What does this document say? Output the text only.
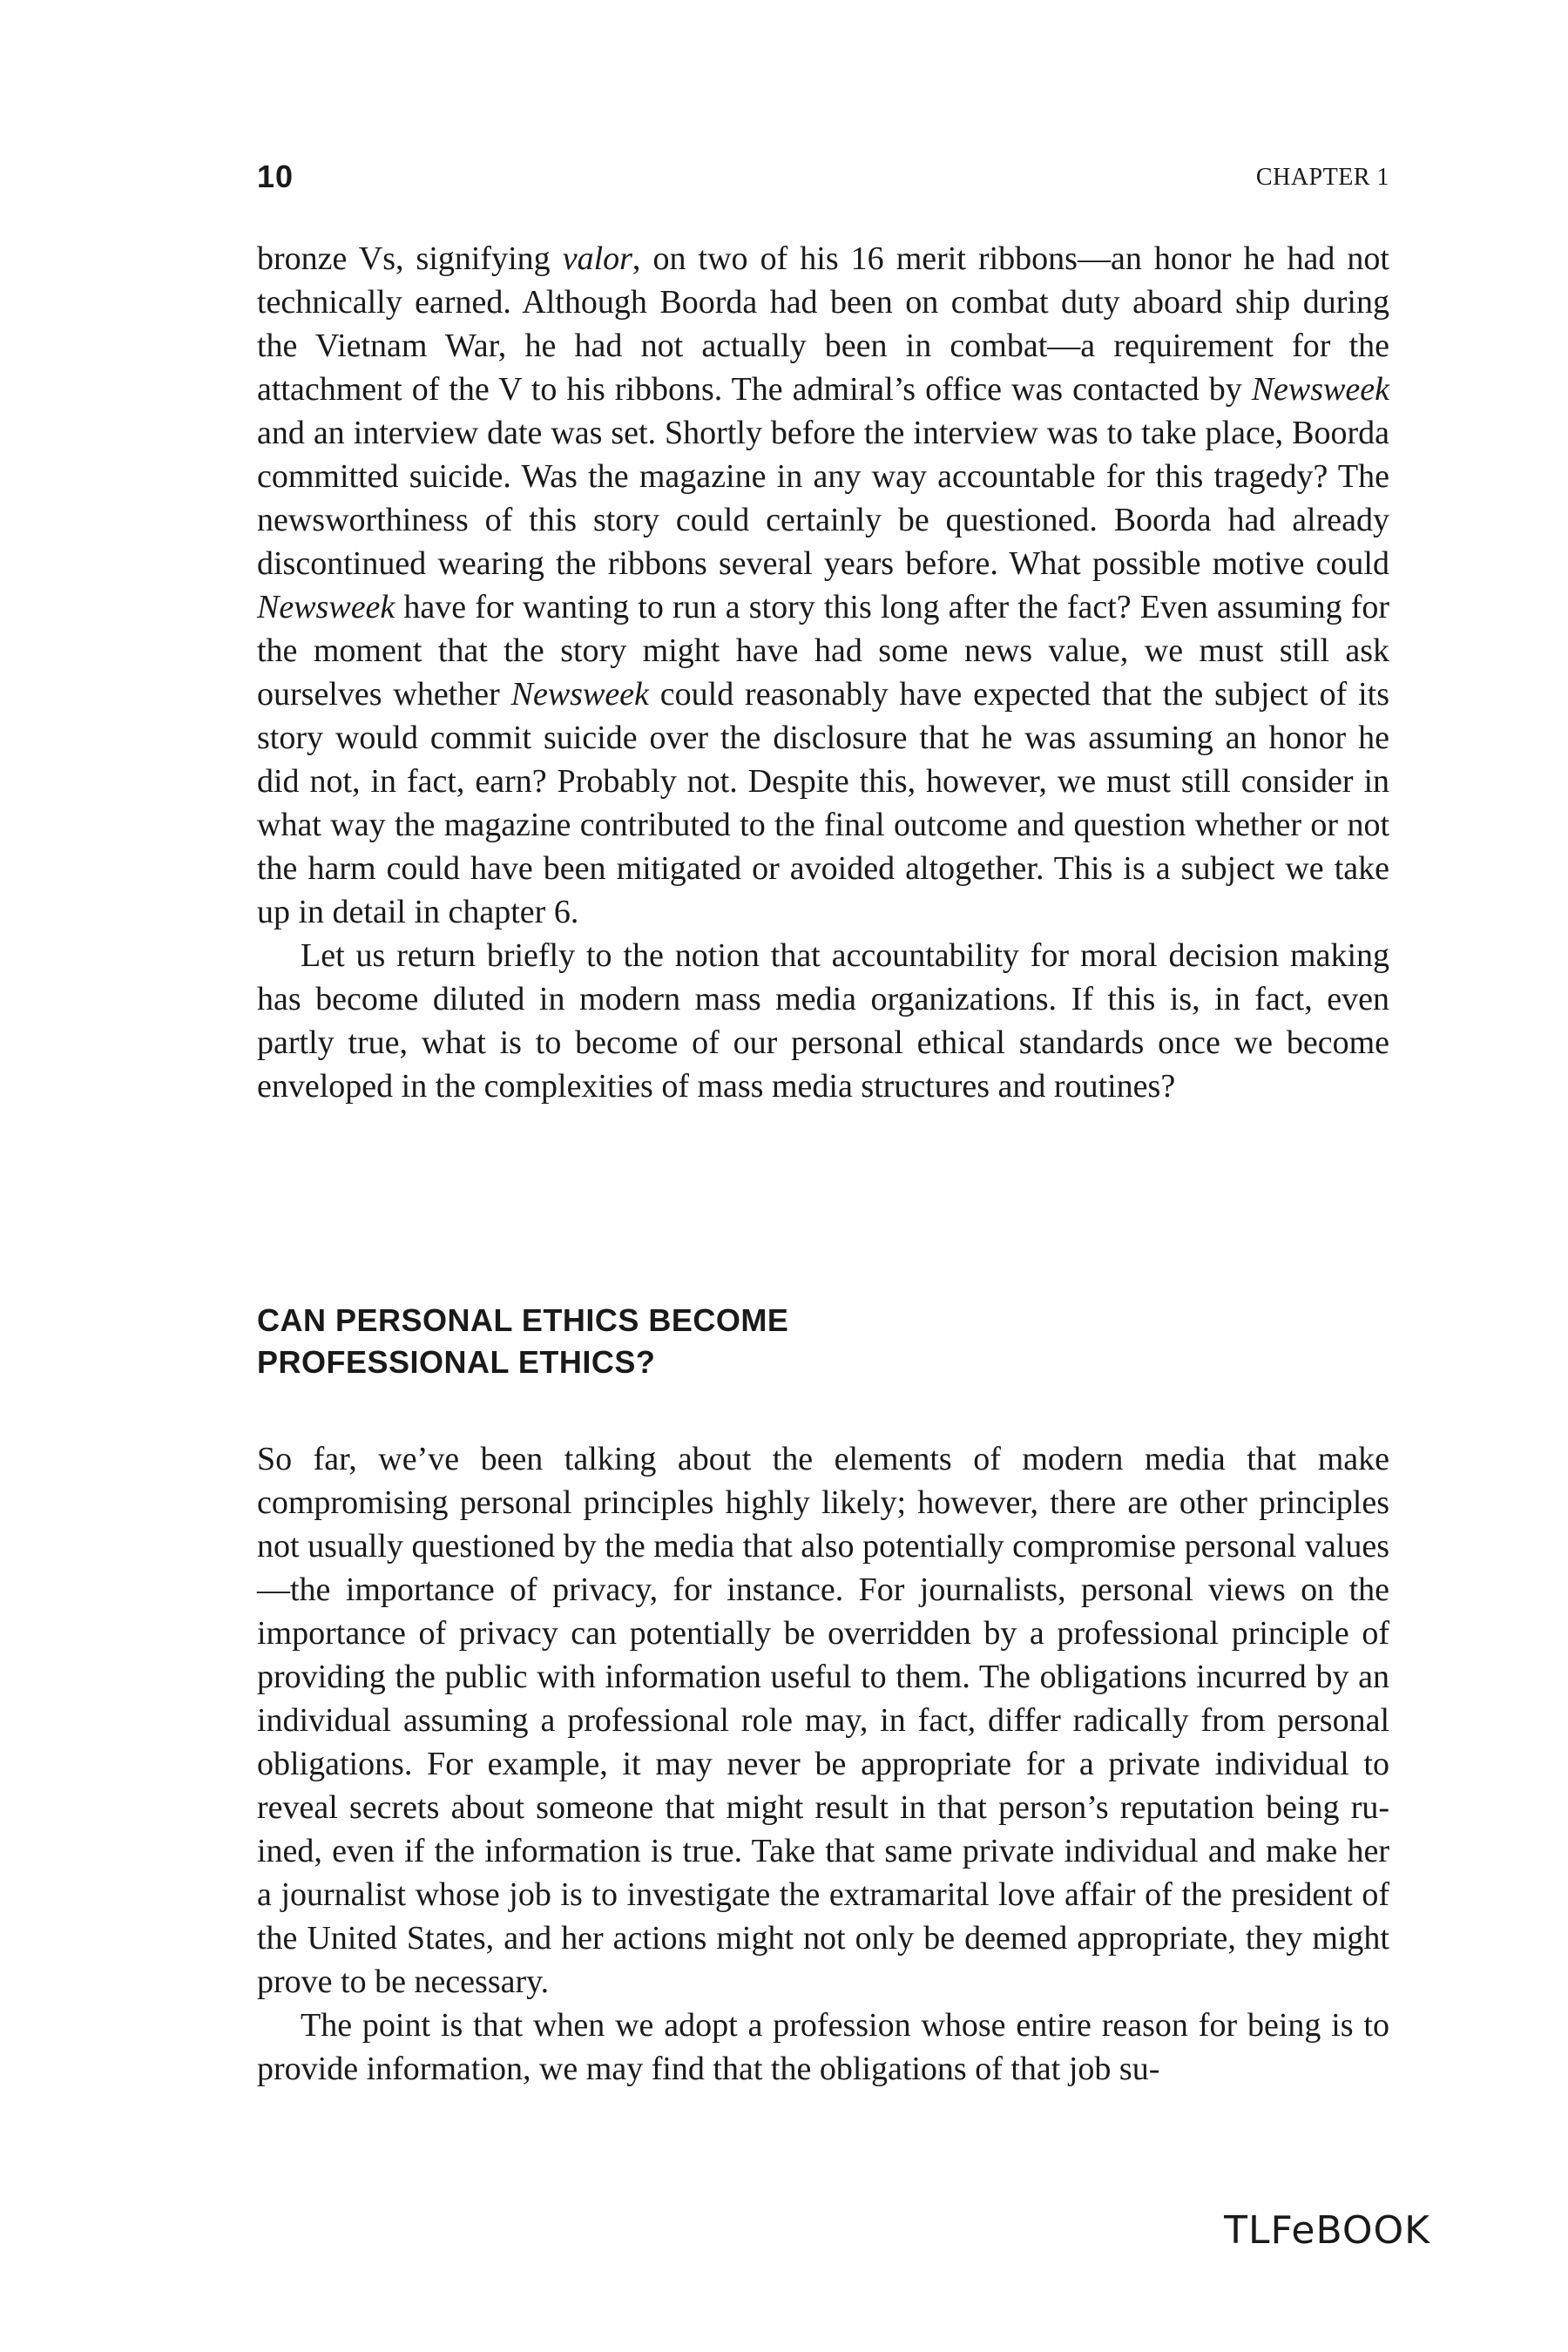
10	CHAPTER 1

bronze Vs, signifying valor, on two of his 16 merit ribbons—an honor he had not technically earned. Although Boorda had been on combat duty aboard ship during the Vietnam War, he had not actually been in combat—a requirement for the attachment of the V to his ribbons. The admiral’s office was contacted by Newsweek and an interview date was set. Shortly before the interview was to take place, Boorda committed suicide. Was the magazine in any way accountable for this tragedy? The newsworthiness of this story could certainly be questioned. Boorda had already discontinued wearing the ribbons several years before. What possible motive could Newsweek have for wanting to run a story this long after the fact? Even assuming for the moment that the story might have had some news value, we must still ask ourselves whether Newsweek could reasonably have expected that the subject of its story would commit suicide over the disclosure that he was assuming an honor he did not, in fact, earn? Probably not. Despite this, however, we must still consider in what way the magazine contributed to the final outcome and question whether or not the harm could have been mitigated or avoided altogether. This is a subject we take up in detail in chapter 6.

Let us return briefly to the notion that accountability for moral decision making has become diluted in modern mass media organizations. If this is, in fact, even partly true, what is to become of our personal ethical standards once we become enveloped in the complexities of mass media structures and routines?

CAN PERSONAL ETHICS BECOME
PROFESSIONAL ETHICS?

So far, we’ve been talking about the elements of modern media that make compromising personal principles highly likely; however, there are other principles not usually questioned by the media that also potentially compromise personal values—the importance of privacy, for instance. For journalists, personal views on the importance of privacy can potentially be overridden by a professional principle of providing the public with information useful to them. The obligations incurred by an individual assuming a professional role may, in fact, differ radically from personal obligations. For example, it may never be appropriate for a private individual to reveal secrets about someone that might result in that person’s reputation being ruined, even if the information is true. Take that same private individual and make her a journalist whose job is to investigate the extramarital love affair of the president of the United States, and her actions might not only be deemed appropriate, they might prove to be necessary.

The point is that when we adopt a profession whose entire reason for being is to provide information, we may find that the obligations of that job su-

TLFeBOOK
